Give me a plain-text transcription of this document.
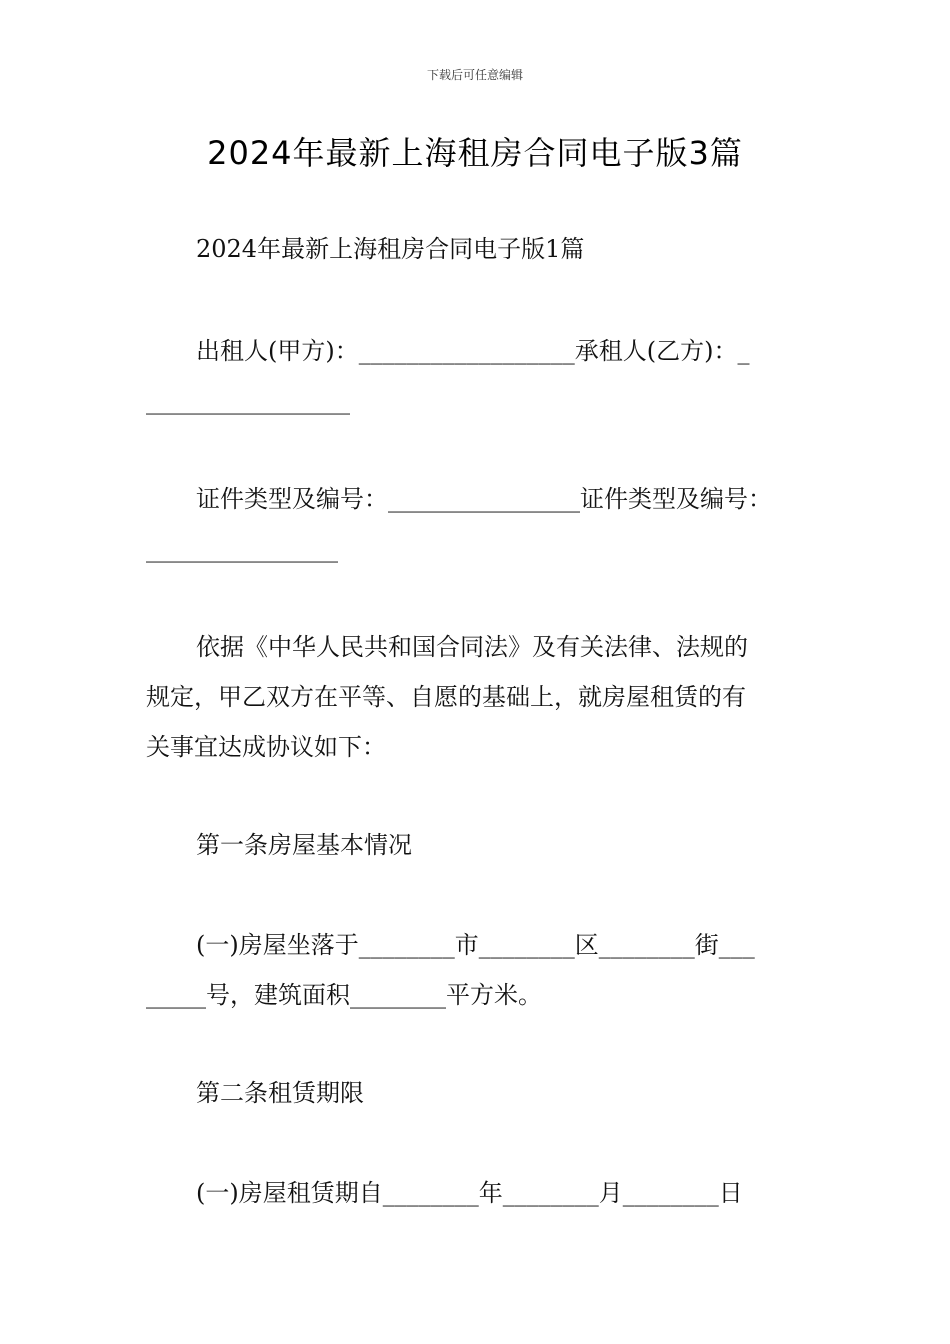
下载后可任意编辑
2024年最新上海租房合同电子版3篇
2024年最新上海租房合同电子版1篇
出租人(甲方)：__________________承租人(乙方)：_
_________________
证件类型及编号：________________证件类型及编号：
________________
依据《中华人民共和国合同法》及有关法律、法规的
规定，甲乙双方在平等、自愿的基础上，就房屋租赁的有
关事宜达成协议如下：
第一条房屋基本情况
(一)房屋坐落于________市________区________街___
_____号，建筑面积________平方米。
第二条租赁期限
(一)房屋租赁期自________年________月________日
